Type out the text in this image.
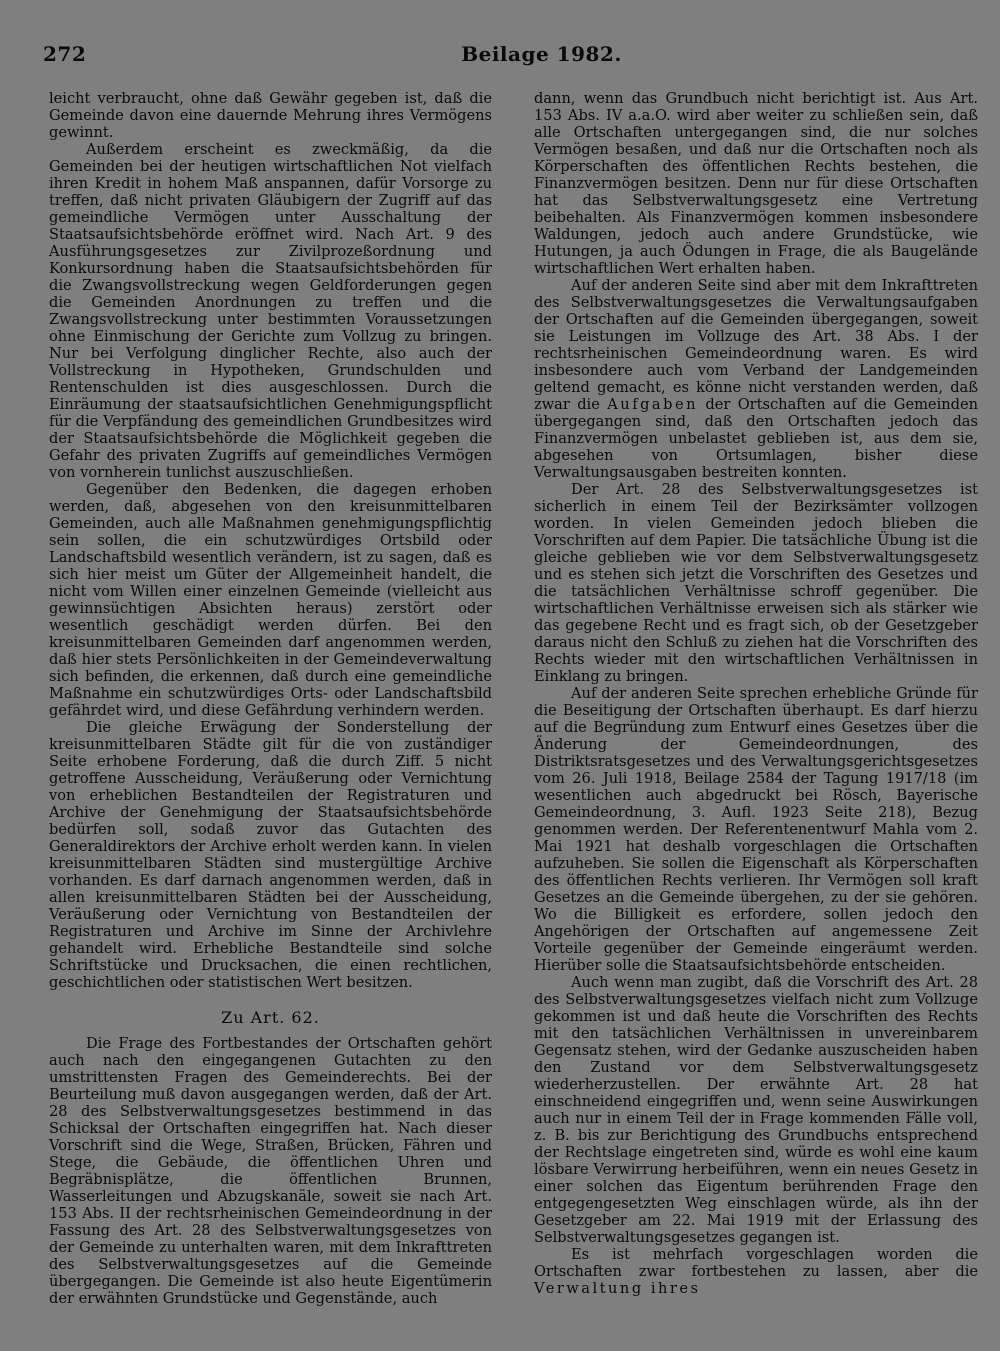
272	Beilage 1982.

leicht verbraucht, ohne daß Gewähr gegeben ist, daß die Gemeinde davon eine dauernde Mehrung ihres Vermögens gewinnt.

Außerdem erscheint es zweckmäßig, da die Gemeinden bei der heutigen wirtschaftlichen Not vielfach ihren Kredit in hohem Maß anspannen, dafür Vorsorge zu treffen, daß nicht privaten Gläubigern der Zugriff auf das gemeindliche Vermögen unter Ausschaltung der Staatsaufsichtsbehörde eröffnet wird. Nach Art. 9 des Ausführungsgesetzes zur Zivilprozeßordnung und Konkursordnung haben die Staatsaufsichtsbehörden für die Zwangsvollstreckung wegen Geldforderungen gegen die Gemeinden Anordnungen zu treffen und die Zwangsvollstreckung unter bestimmten Voraussetzungen ohne Einmischung der Gerichte zum Vollzug zu bringen. Nur bei Verfolgung dinglicher Rechte, also auch der Vollstreckung in Hypotheken, Grundschulden und Rentenschulden ist dies ausgeschlossen. Durch die Einräumung der staatsaufsichtlichen Genehmigungspflicht für die Verpfändung des gemeindlichen Grundbesitzes wird der Staatsaufsichtsbehörde die Möglichkeit gegeben die Gefahr des privaten Zugriffs auf gemeindliches Vermögen von vornherein tunlichst auszuschließen.

Gegenüber den Bedenken, die dagegen erhoben werden, daß, abgesehen von den kreisunmittelbaren Gemeinden, auch alle Maßnahmen genehmigungspflichtig sein sollen, die ein schutzwürdiges Ortsbild oder Landschaftsbild wesentlich verändern, ist zu sagen, daß es sich hier meist um Güter der Allgemeinheit handelt, die nicht vom Willen einer einzelnen Gemeinde (vielleicht aus gewinnsüchtigen Absichten heraus) zerstört oder wesentlich geschädigt werden dürfen. Bei den kreisunmittelbaren Gemeinden darf angenommen werden, daß hier stets Persönlichkeiten in der Gemeindeverwaltung sich befinden, die erkennen, daß durch eine gemeindliche Maßnahme ein schutzwürdiges Orts- oder Landschaftsbild gefährdet wird, und diese Gefährdung verhindern werden.

Die gleiche Erwägung der Sonderstellung der kreisunmittelbaren Städte gilt für die von zuständiger Seite erhobene Forderung, daß die durch Ziff. 5 nicht getroffene Ausscheidung, Veräußerung oder Vernichtung von erheblichen Bestandteilen der Registraturen und Archive der Genehmigung der Staatsaufsichtsbehörde bedürfen soll, sodaß zuvor das Gutachten des Generaldirektors der Archive erholt werden kann. In vielen kreisunmittelbaren Städten sind mustergültige Archive vorhanden. Es darf darnach angenommen werden, daß in allen kreisunmittelbaren Städten bei der Ausscheidung, Veräußerung oder Vernichtung von Bestandteilen der Registraturen und Archive im Sinne der Archivlehre gehandelt wird. Erhebliche Bestandteile sind solche Schriftstücke und Drucksachen, die einen rechtlichen, geschichtlichen oder statistischen Wert besitzen.

Zu Art. 62.

Die Frage des Fortbestandes der Ortschaften gehört auch nach den eingegangenen Gutachten zu den umstrittensten Fragen des Gemeinderechts. Bei der Beurteilung muß davon ausgegangen werden, daß der Art. 28 des Selbstverwaltungsgesetzes bestimmend in das Schicksal der Ortschaften eingegriffen hat. Nach dieser Vorschrift sind die Wege, Straßen, Brücken, Fähren und Stege, die Gebäude, die öffentlichen Uhren und Begräbnisplätze, die öffentlichen Brunnen, Wasserleitungen und Abzugskanäle, soweit sie nach Art. 153 Abs. II der rechtsrheinischen Gemeindeordnung in der Fassung des Art. 28 des Selbstverwaltungsgesetzes von der Gemeinde zu unterhalten waren, mit dem Inkrafttreten des Selbstverwaltungsgesetzes auf die Gemeinde übergegangen. Die Gemeinde ist also heute Eigentümerin der erwähnten Grundstücke und Gegenstände, auch

dann, wenn das Grundbuch nicht berichtigt ist. Aus Art. 153 Abs. IV a.a.O. wird aber weiter zu schließen sein, daß alle Ortschaften untergegangen sind, die nur solches Vermögen besaßen, und daß nur die Ortschaften noch als Körperschaften des öffentlichen Rechts bestehen, die Finanzvermögen besitzen. Denn nur für diese Ortschaften hat das Selbstverwaltungsgesetz eine Vertretung beibehalten. Als Finanzvermögen kommen insbesondere Waldungen, jedoch auch andere Grundstücke, wie Hutungen, ja auch Ödungen in Frage, die als Baugelände wirtschaftlichen Wert erhalten haben.

Auf der anderen Seite sind aber mit dem Inkrafttreten des Selbstverwaltungsgesetzes die Verwaltungsaufgaben der Ortschaften auf die Gemeinden übergegangen, soweit sie Leistungen im Vollzuge des Art. 38 Abs. I der rechtsrheinischen Gemeindeordnung waren. Es wird insbesondere auch vom Verband der Landgemeinden geltend gemacht, es könne nicht verstanden werden, daß zwar die Aufgaben der Ortschaften auf die Gemeinden übergegangen sind, daß den Ortschaften jedoch das Finanzvermögen unbelastet geblieben ist, aus dem sie, abgesehen von Ortsumlagen, bisher diese Verwaltungsausgaben bestreiten konnten.

Der Art. 28 des Selbstverwaltungsgesetzes ist sicherlich in einem Teil der Bezirksämter vollzogen worden. In vielen Gemeinden jedoch blieben die Vorschriften auf dem Papier. Die tatsächliche Übung ist die gleiche geblieben wie vor dem Selbstverwaltungsgesetz und es stehen sich jetzt die Vorschriften des Gesetzes und die tatsächlichen Verhältnisse schroff gegenüber. Die wirtschaftlichen Verhältnisse erweisen sich als stärker wie das gegebene Recht und es fragt sich, ob der Gesetzgeber daraus nicht den Schluß zu ziehen hat die Vorschriften des Rechts wieder mit den wirtschaftlichen Verhältnissen in Einklang zu bringen.

Auf der anderen Seite sprechen erhebliche Gründe für die Beseitigung der Ortschaften überhaupt. Es darf hierzu auf die Begründung zum Entwurf eines Gesetzes über die Änderung der Gemeindeordnungen, des Distriktsratsgesetzes und des Verwaltungsgerichtsgesetzes vom 26. Juli 1918, Beilage 2584 der Tagung 1917/18 (im wesentlichen auch abgedruckt bei Rösch, Bayerische Gemeindeordnung, 3. Aufl. 1923 Seite 218), Bezug genommen werden. Der Referentenentwurf Mahla vom 2. Mai 1921 hat deshalb vorgeschlagen die Ortschaften aufzuheben. Sie sollen die Eigenschaft als Körperschaften des öffentlichen Rechts verlieren. Ihr Vermögen soll kraft Gesetzes an die Gemeinde übergehen, zu der sie gehören. Wo die Billigkeit es erfordere, sollen jedoch den Angehörigen der Ortschaften auf angemessene Zeit Vorteile gegenüber der Gemeinde eingeräumt werden. Hierüber solle die Staatsaufsichtsbehörde entscheiden.

Auch wenn man zugibt, daß die Vorschrift des Art. 28 des Selbstverwaltungsgesetzes vielfach nicht zum Vollzuge gekommen ist und daß heute die Vorschriften des Rechts mit den tatsächlichen Verhältnissen in unvereinbarem Gegensatz stehen, wird der Gedanke auszuscheiden haben den Zustand vor dem Selbstverwaltungsgesetz wiederherzustellen. Der erwähnte Art. 28 hat einschneidend eingegriffen und, wenn seine Auswirkungen auch nur in einem Teil der in Frage kommenden Fälle voll, z. B. bis zur Berichtigung des Grundbuchs entsprechend der Rechtslage eingetreten sind, würde es wohl eine kaum lösbare Verwirrung herbeiführen, wenn ein neues Gesetz in einer solchen das Eigentum berührenden Frage den entgegengesetzten Weg einschlagen würde, als ihn der Gesetzgeber am 22. Mai 1919 mit der Erlassung des Selbstverwaltungsgesetzes gegangen ist.

Es ist mehrfach vorgeschlagen worden die Ortschaften zwar fortbestehen zu lassen, aber die Verwaltung ihres
